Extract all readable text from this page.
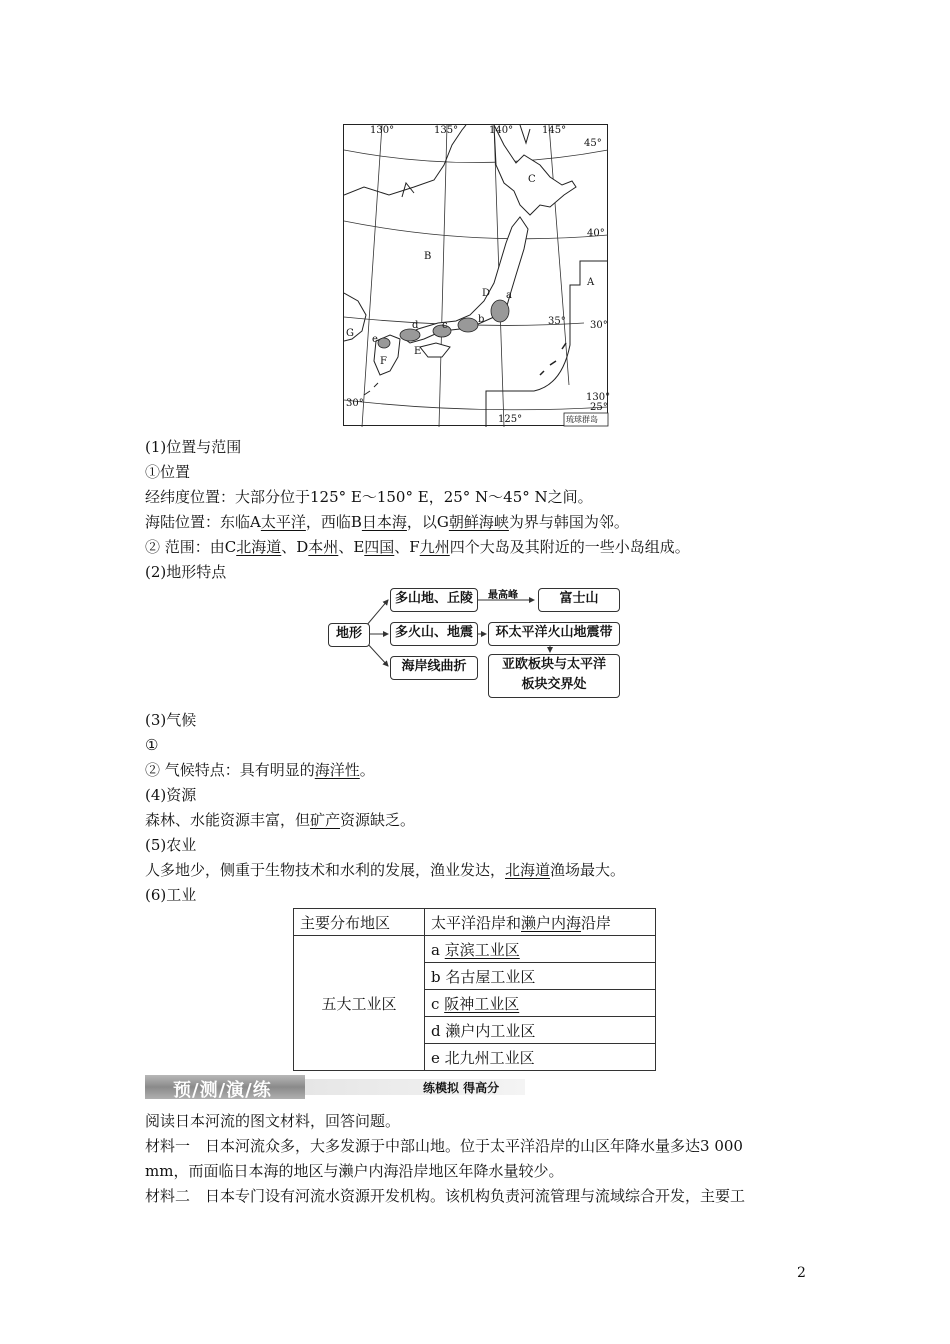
130°	135°	140°	145°
45°
40°
35° 30°
30°
125°
130°
25°
琉球群岛
A
B
C
D
E
F
G
a
b
c
d
e
(1)位置与范围
①位置
经纬度位置：大部分位于125° E～150° E，25° N～45° N之间。
海陆位置：东临A太平洋，西临B日本海，以G朝鲜海峡为界与韩国为邻。
② 范围：由C北海道、D本州、E四国、F九州四个大岛及其附近的一些小岛组成。
(2)地形特点
地形
多山地、丘陵	最高峰	富士山
多火山、地震	环太平洋火山地震带
海岸线曲折	亚欧板块与太平洋
板块交界处
(3)气候
①
② 气候特点：具有明显的海洋性。
(4)资源
森林、水能资源丰富，但矿产资源缺乏。
(5)农业
人多地少，侧重于生物技术和水利的发展，渔业发达，北海道渔场最大。
(6)工业
主要分布地区	太平洋沿岸和濑户内海沿岸
五大工业区	a 京滨工业区
	b 名古屋工业区
	c 阪神工业区
	d 濑户内工业区
	e 北九州工业区
预/测/演/练	练模拟 得高分
阅读日本河流的图文材料，回答问题。
材料一　日本河流众多，大多发源于中部山地。位于太平洋沿岸的山区年降水量多达3 000
mm，而面临日本海的地区与濑户内海沿岸地区年降水量较少。
材料二　日本专门设有河流水资源开发机构。该机构负责河流管理与流域综合开发，主要工
2
